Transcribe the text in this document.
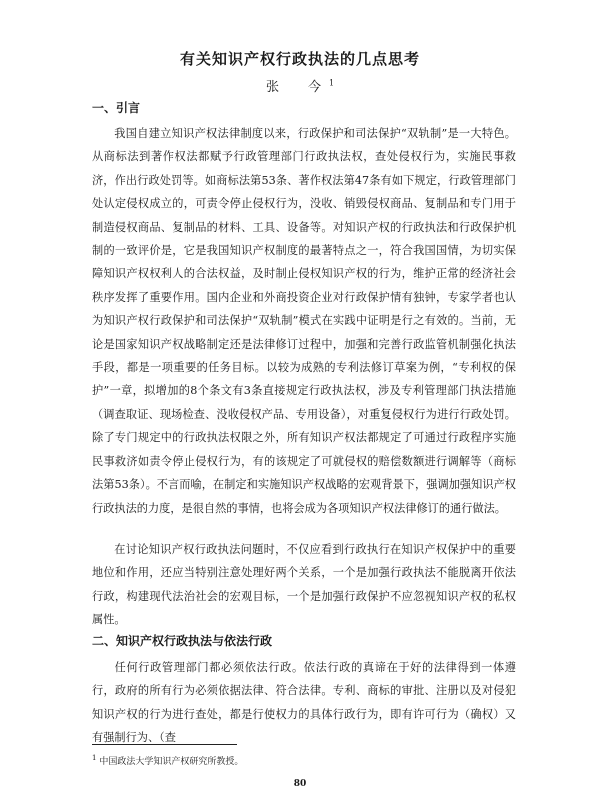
有关知识产权行政执法的几点思考
张　今$^1$
一、引言
我国自建立知识产权法律制度以来，行政保护和司法保护“双轨制”是一大特色。从商标法到著作权法都赋予行政管理部门行政执法权，查处侵权行为，实施民事救济，作出行政处罚等。如商标法第53条、著作权法第47条有如下规定，行政管理部门处认定侵权成立的，可责令停止侵权行为，没收、销毁侵权商品、复制品和专门用于制造侵权商品、复制品的材料、工具、设备等。对知识产权的行政执法和行政保护机制的一致评价是，它是我国知识产权制度的最著特点之一，符合我国国情，为切实保障知识产权权利人的合法权益，及时制止侵权知识产权的行为，维护正常的经济社会秩序发挥了重要作用。国内企业和外商投资企业对行政保护情有独钟，专家学者也认为知识产权行政保护和司法保护“双轨制”模式在实践中证明是行之有效的。当前，无论是国家知识产权战略制定还是法律修订过程中，加强和完善行政监管机制强化执法手段，都是一项重要的任务目标。以较为成熟的专利法修订草案为例，“专利权的保护”一章，拟增加的8个条文有3条直接规定行政执法权，涉及专利管理部门执法措施（调查取证、现场检查、没收侵权产品、专用设备），对重复侵权行为进行行政处罚。除了专门规定中的行政执法权限之外，所有知识产权法都规定了可通过行政程序实施民事救济如责令停止侵权行为，有的该规定了可就侵权的赔偿数额进行调解等（商标法第53条）。不言而喻，在制定和实施知识产权战略的宏观背景下，强调加强知识产权行政执法的力度，是很自然的事情，也将会成为各项知识产权法律修订的通行做法。
在讨论知识产权行政执法问题时，不仅应看到行政执行在知识产权保护中的重要地位和作用，还应当特别注意处理好两个关系，一个是加强行政执法不能脱离开依法行政，构建现代法治社会的宏观目标，一个是加强行政保护不应忽视知识产权的私权属性。
二、知识产权行政执法与依法行政
任何行政管理部门都必须依法行政。依法行政的真谛在于好的法律得到一体遵行，政府的所有行为必须依据法律、符合法律。专利、商标的审批、注册以及对侵犯知识产权的行为进行查处，都是行使权力的具体行政行为，即有许可行为（确权）又有强制行为、（查
$^1$ 中国政法大学知识产权研究所教授。
80
